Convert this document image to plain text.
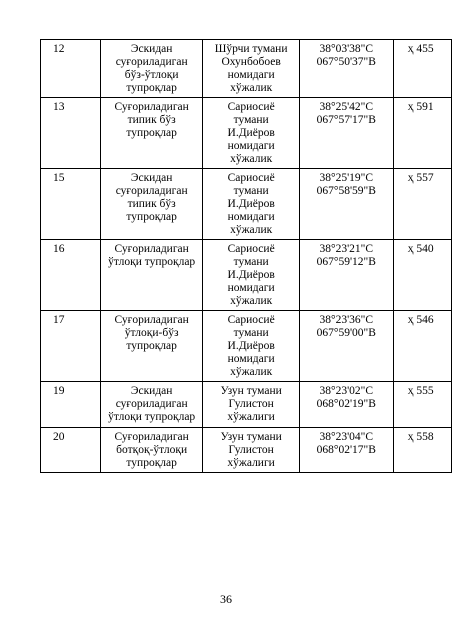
12	Эскидан
суғориладиган
бўз-ўтлоқи
тупроқлар	Шўрчи тумани
Охунбобоев
номидаги
хўжалик	38°03'38"С
067°50'37"В	ҳ 455
13	Суғориладиган
типик бўз
тупроқлар	Сариосиё
тумани
И.Диёров
номидаги
хўжалик	38°25'42"С
067°57'17"В	ҳ 591
15	Эскидан
суғориладиган
типик бўз
тупроқлар	Сариосиё
тумани
И.Диёров
номидаги
хўжалик	38°25'19"С
067°58'59"В	ҳ 557
16	Суғориладиган
ўтлоқи тупроқлар	Сариосиё
тумани
И.Диёров
номидаги
хўжалик	38°23'21"С
067°59'12"В	ҳ 540
17	Суғориладиган
ўтлоқи-бўз
тупроқлар	Сариосиё
тумани
И.Диёров
номидаги
хўжалик	38°23'36"С
067°59'00"В	ҳ 546
19	Эскидан
суғориладиган
ўтлоқи тупроқлар	Узун тумани
Гулистон
хўжалиги	38°23'02"С
068°02'19"В	ҳ 555
20	Суғориладиган
ботқоқ-ўтлоқи
тупроқлар	Узун тумани
Гулистон
хўжалиги	38°23'04"С
068°02'17"В	ҳ 558
36
